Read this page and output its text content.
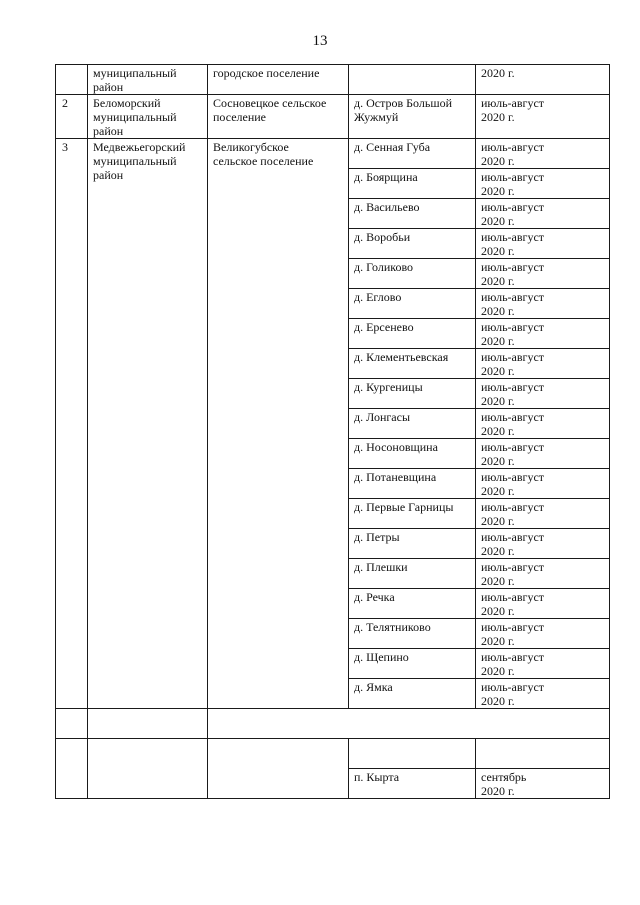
13
	муниципальный
район	городское поселение		2020 г.
2	Беломорский
муниципальный
район	Сосновецкое сельское
поселение	д. Остров Большой
Жужмуй	июль-август
2020 г.
3	Медвежьегорский
муниципальный
район	Великогубское
сельское поселение	д. Сенная Губа	июль-август
2020 г.
			д. Боярщина	июль-август
2020 г.
			д. Васильево	июль-август
2020 г.
			д. Воробьи	июль-август
2020 г.
			д. Голиково	июль-август
2020 г.
			д. Еглово	июль-август
2020 г.
			д. Ерсенево	июль-август
2020 г.
			д. Клементьевская	июль-август
2020 г.
			д. Кургеницы	июль-август
2020 г.
			д. Лонгасы	июль-август
2020 г.
			д. Носоновщина	июль-август
2020 г.
			д. Потаневщина	июль-август
2020 г.
			д. Первые Гарницы	июль-август
2020 г.
			д. Петры	июль-август
2020 г.
			д. Плешки	июль-август
2020 г.
			д. Речка	июль-август
2020 г.
			д. Телятниково	июль-август
2020 г.
			д. Щепино	июль-август
2020 г.
			д. Ямка	июль-август
2020 г.

			п. Кырта	сентябрь
2020 г.
